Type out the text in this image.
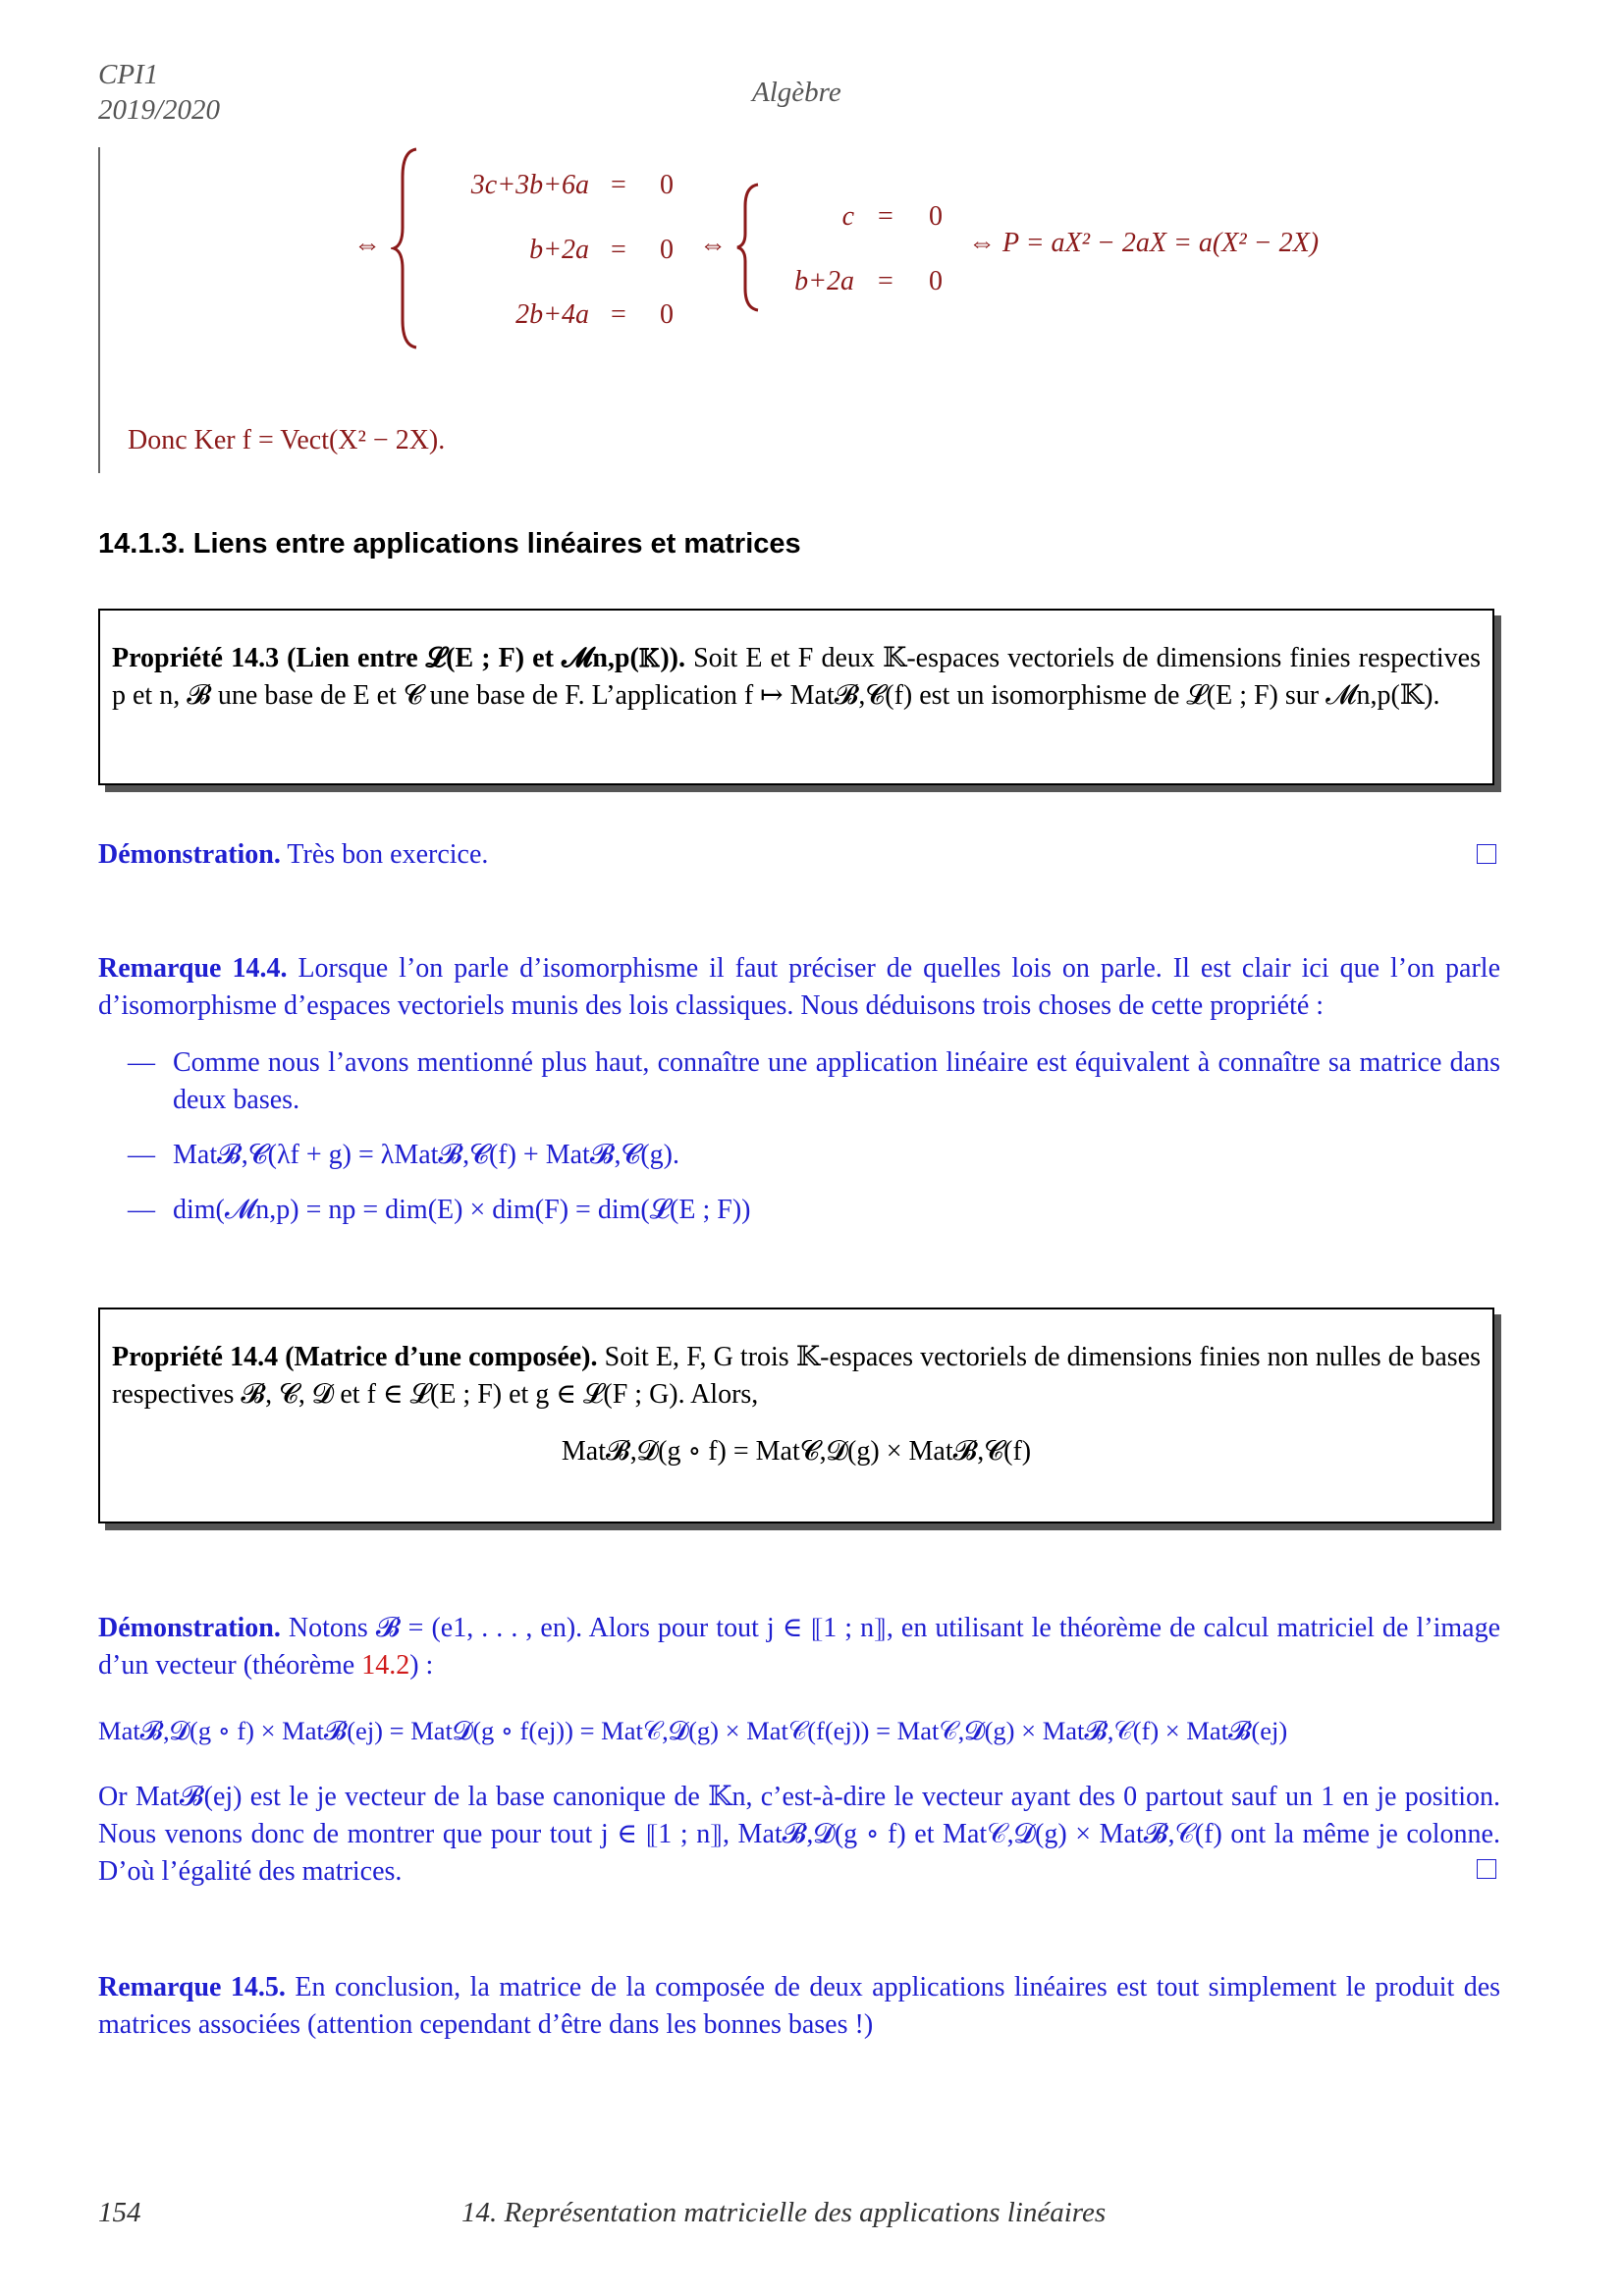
CPI1
2019/2020
Algèbre
⇔
3c+3b+6a = 0
b+2a = 0
2b+4a = 0
⇔
c = 0
b+2a = 0
⇔ P = aX² − 2aX = a(X² − 2X)
Donc Ker f = Vect(X² − 2X).
14.1.3. Liens entre applications linéaires et matrices
Propriété 14.3 (Lien entre 𝓛(E ; F) et 𝓜n,p(𝕂)). Soit E et F deux 𝕂-espaces vectoriels de dimensions finies respectives p et n, 𝓑 une base de E et 𝓒 une base de F. L’application f ↦ Mat𝓑,𝓒(f) est un isomorphisme de 𝓛(E ; F) sur 𝓜n,p(𝕂).
Démonstration. Très bon exercice.
Remarque 14.4. Lorsque l’on parle d’isomorphisme il faut préciser de quelles lois on parle. Il est clair ici que l’on parle d’isomorphisme d’espaces vectoriels munis des lois classiques. Nous déduisons trois choses de cette propriété :
— Comme nous l’avons mentionné plus haut, connaître une application linéaire est équivalent à connaître sa matrice dans deux bases.
— Mat𝓑,𝓒(λf + g) = λMat𝓑,𝓒(f) + Mat𝓑,𝓒(g).
— dim(𝓜n,p) = np = dim(E) × dim(F) = dim(𝓛(E ; F))
Propriété 14.4 (Matrice d’une composée). Soit E, F, G trois 𝕂-espaces vectoriels de dimensions finies non nulles de bases respectives 𝓑, 𝓒, 𝓓 et f ∈ 𝓛(E ; F) et g ∈ 𝓛(F ; G). Alors,
Mat𝓑,𝓓(g ∘ f) = Mat𝓒,𝓓(g) × Mat𝓑,𝓒(f)
Démonstration. Notons 𝓑 = (e1, . . . , en). Alors pour tout j ∈ ⟦1 ; n⟧, en utilisant le théorème de calcul matriciel de l’image d’un vecteur (théorème 14.2) :
Mat𝓑,𝓓(g ∘ f) × Mat𝓑(ej) = Mat𝓓(g ∘ f(ej)) = Mat𝒞,𝓓(g) × Mat𝒞(f(ej)) = Mat𝒞,𝓓(g) × Mat𝓑,𝒞(f) × Mat𝓑(ej)
Or Mat𝓑(ej) est le je vecteur de la base canonique de 𝕂n, c’est-à-dire le vecteur ayant des 0 partout sauf un 1 en je position. Nous venons donc de montrer que pour tout j ∈ ⟦1 ; n⟧, Mat𝓑,𝓓(g ∘ f) et Mat𝒞,𝓓(g) × Mat𝓑,𝒞(f) ont la même je colonne. D’où l’égalité des matrices.
Remarque 14.5. En conclusion, la matrice de la composée de deux applications linéaires est tout simplement le produit des matrices associées (attention cependant d’être dans les bonnes bases !)
154	14. Représentation matricielle des applications linéaires
